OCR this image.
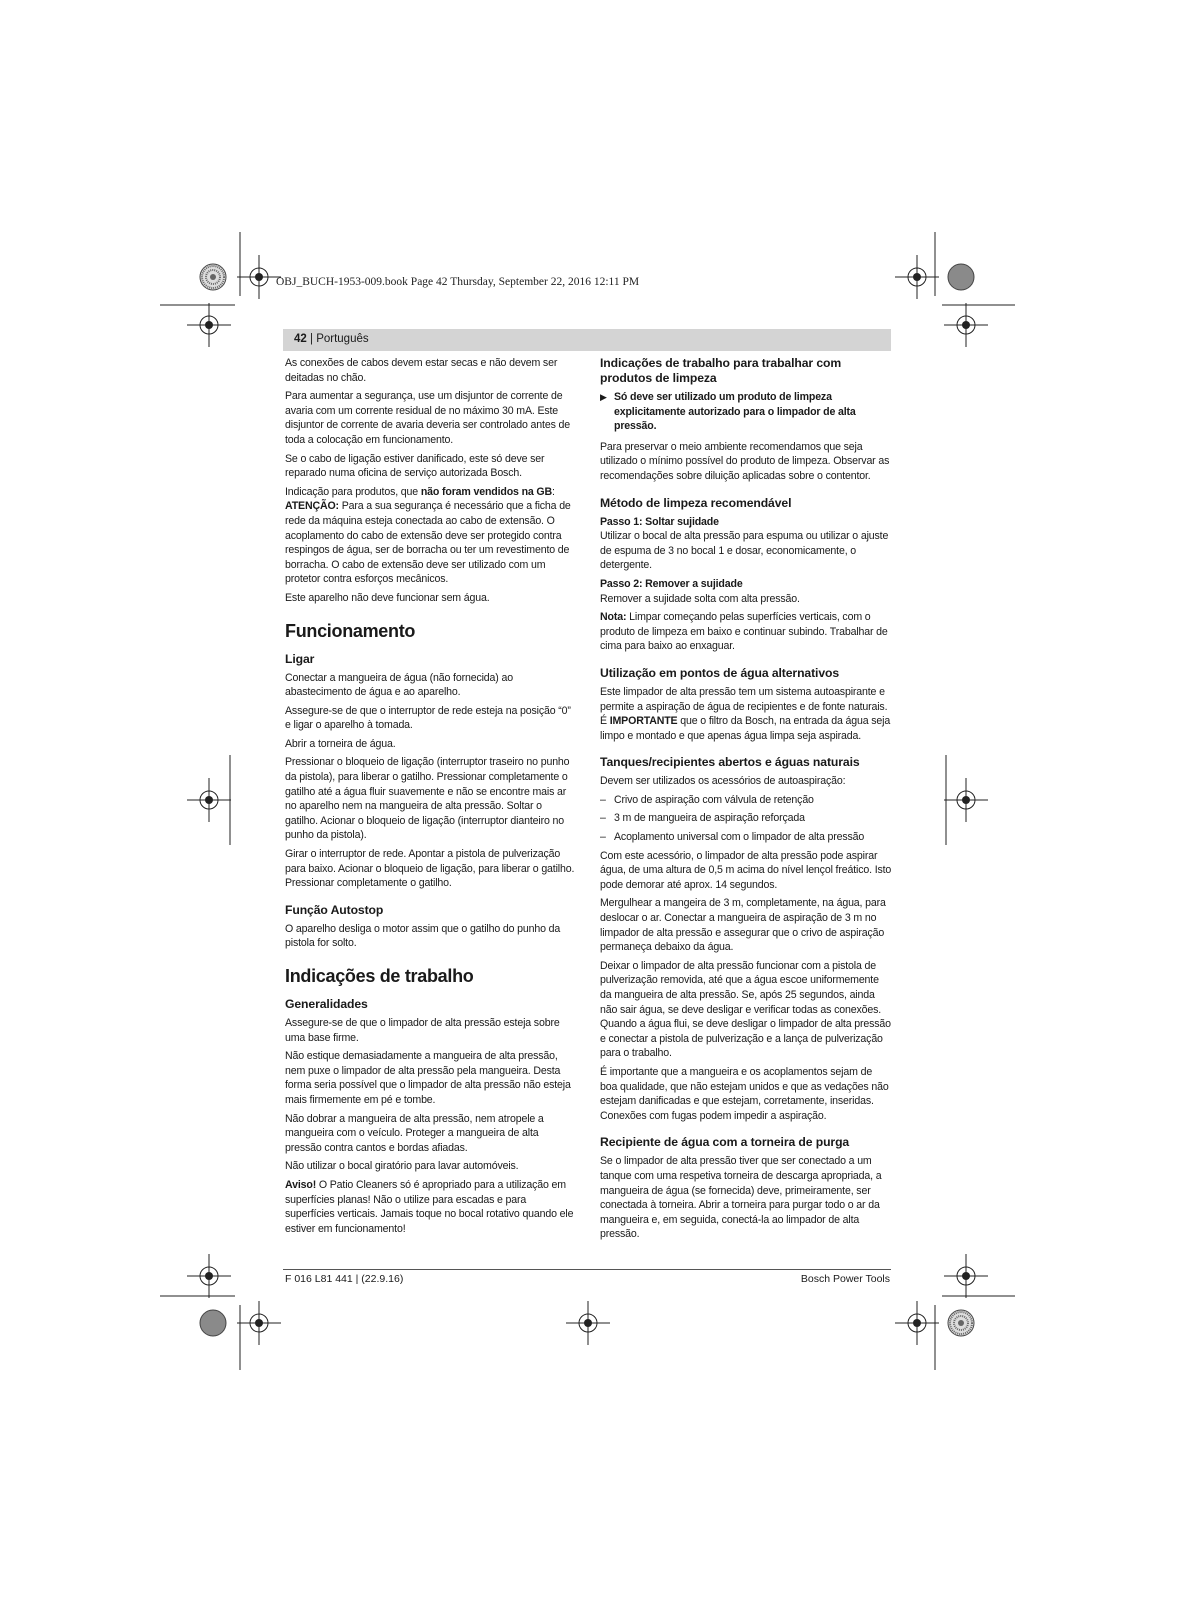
OBJ_BUCH-1953-009.book Page 42 Thursday, September 22, 2016 12:11 PM
42 | Português

As conexões de cabos devem estar secas e não devem ser deitadas no chão.

Para aumentar a segurança, use um disjuntor de corrente de avaria com um corrente residual de no máximo 30 mA. Este disjuntor de corrente de avaria deveria ser controlado antes de toda a colocação em funcionamento.

Se o cabo de ligação estiver danificado, este só deve ser reparado numa oficina de serviço autorizada Bosch.

Indicação para produtos, que não foram vendidos na GB:

ATENÇÃO: Para a sua segurança é necessário que a ficha de rede da máquina esteja conectada ao cabo de extensão. O acoplamento do cabo de extensão deve ser protegido contra respingos de água, ser de borracha ou ter um revestimento de borracha. O cabo de extensão deve ser utilizado com um protetor contra esforços mecânicos.

Este aparelho não deve funcionar sem água.

Funcionamento
Ligar

Conectar a mangueira de água (não fornecida) ao abastecimento de água e ao aparelho.

Assegure-se de que o interruptor de rede esteja na posição “0” e ligar o aparelho à tomada.

Abrir a torneira de água.

Pressionar o bloqueio de ligação (interruptor traseiro no punho da pistola), para liberar o gatilho. Pressionar completamente o gatilho até a água fluir suavemente e não se encontre mais ar no aparelho nem na mangueira de alta pressão. Soltar o gatilho. Acionar o bloqueio de ligação (interruptor dianteiro no punho da pistola).

Girar o interruptor de rede. Apontar a pistola de pulverização para baixo. Acionar o bloqueio de ligação, para liberar o gatilho. Pressionar completamente o gatilho.

Função Autostop

O aparelho desliga o motor assim que o gatilho do punho da pistola for solto.

Indicações de trabalho
Generalidades

Assegure-se de que o limpador de alta pressão esteja sobre uma base firme.

Não estique demasiadamente a mangueira de alta pressão, nem puxe o limpador de alta pressão pela mangueira. Desta forma seria possível que o limpador de alta pressão não esteja mais firmemente em pé e tombe.

Não dobrar a mangueira de alta pressão, nem atropele a mangueira com o veículo. Proteger a mangueira de alta pressão contra cantos e bordas afiadas.

Não utilizar o bocal giratório para lavar automóveis.

Aviso! O Patio Cleaners só é apropriado para a utilização em superfícies planas! Não o utilize para escadas e para superfícies verticais. Jamais toque no bocal rotativo quando ele estiver em funcionamento!

Indicações de trabalho para trabalhar com produtos de limpeza
▶ Só deve ser utilizado um produto de limpeza explicitamente autorizado para o limpador de alta pressão.

Para preservar o meio ambiente recomendamos que seja utilizado o mínimo possível do produto de limpeza. Observar as recomendações sobre diluição aplicadas sobre o contentor.

Método de limpeza recomendável
Passo 1: Soltar sujidade

Utilizar o bocal de alta pressão para espuma ou utilizar o ajuste de espuma de 3 no bocal 1 e dosar, economicamente, o detergente.

Passo 2: Remover a sujidade

Remover a sujidade solta com alta pressão.

Nota: Limpar começando pelas superfícies verticais, com o produto de limpeza em baixo e continuar subindo. Trabalhar de cima para baixo ao enxaguar.

Utilização em pontos de água alternativos

Este limpador de alta pressão tem um sistema autoaspirante e permite a aspiração de água de recipientes e de fonte naturais. É IMPORTANTE que o filtro da Bosch, na entrada da água seja limpo e montado e que apenas água limpa seja aspirada.

Tanques/recipientes abertos e águas naturais

Devem ser utilizados os acessórios de autoaspiração:

– Crivo de aspiração com válvula de retenção
– 3 m de mangueira de aspiração reforçada
– Acoplamento universal com o limpador de alta pressão

Com este acessório, o limpador de alta pressão pode aspirar água, de uma altura de 0,5 m acima do nível lençol freático. Isto pode demorar até aprox. 14 segundos.

Mergulhear a mangeira de 3 m, completamente, na água, para deslocar o ar. Conectar a mangueira de aspiração de 3 m no limpador de alta pressão e assegurar que o crivo de aspiração permaneça debaixo da água.

Deixar o limpador de alta pressão funcionar com a pistola de pulverização removida, até que a água escoe uniformemente da mangueira de alta pressão. Se, após 25 segundos, ainda não sair água, se deve desligar e verificar todas as conexões. Quando a água flui, se deve desligar o limpador de alta pressão e conectar a pistola de pulverização e a lança de pulverização para o trabalho.

É importante que a mangueira e os acoplamentos sejam de boa qualidade, que não estejam unidos e que as vedações não estejam danificadas e que estejam, corretamente, inseridas. Conexões com fugas podem impedir a aspiração.

Recipiente de água com a torneira de purga

Se o limpador de alta pressão tiver que ser conectado a um tanque com uma respetiva torneira de descarga apropriada, a mangueira de água (se fornecida) deve, primeiramente, ser conectada à torneira. Abrir a torneira para purgar todo o ar da mangueira e, em seguida, conectá-la ao limpador de alta pressão.

F 016 L81 441 | (22.9.16)	Bosch Power Tools
